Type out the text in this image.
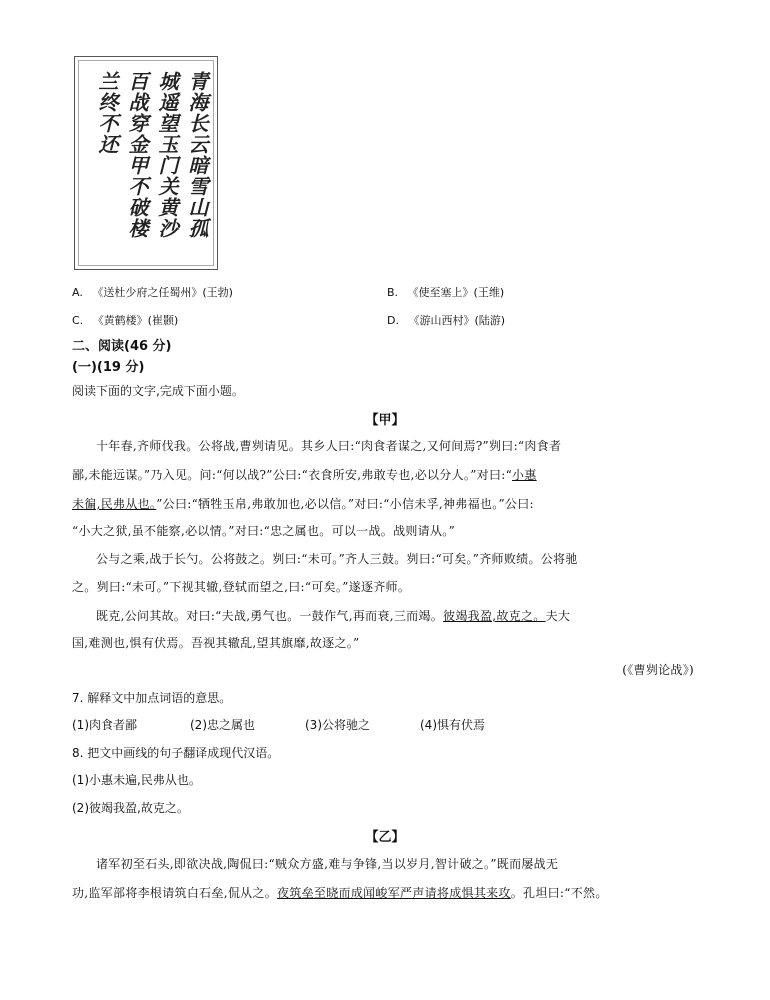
青海长云暗雪山孤
城遥望玉门关黄沙
百战穿金甲不破楼
兰终不还
A. 《送杜少府之任蜀州》(王勃)	B. 《使至塞上》(王维)
C. 《黄鹤楼》(崔颢)	D. 《游山西村》(陆游)
二、阅读(46 分)
(一)(19 分)
阅读下面的文字,完成下面小题。
【甲】
十年春,齐师伐我。公将战,曹刿请见。其乡人曰:“肉食者谋之,又何间焉?”刿曰:“肉食者
鄙,未能远谋。”乃入见。问:“何以战?”公曰:“衣食所安,弗敢专也,必以分人。”对曰:“小惠
未徧,民弗从也。”公曰:“牺牲玉帛,弗敢加也,必以信。”对曰:“小信未孚,神弗福也。”公曰:
“小大之狱,虽不能察,必以情。”对曰:“忠之属也。可以一战。战则请从。”
公与之乘,战于长勺。公将鼓之。刿曰:“未可。”齐人三鼓。刿曰:“可矣。”齐师败绩。公将驰
之。刿曰:“未可。”下视其辙,登轼而望之,曰:“可矣。”遂逐齐师。
既克,公问其故。对曰:“夫战,勇气也。一鼓作气,再而衰,三而竭。彼竭我盈,故克之。夫大
国,难测也,惧有伏焉。吾视其辙乱,望其旗靡,故逐之。”
(《曹刿论战》)
7. 解释文中加点词语的意思。
(1)肉食者鄙	(2)忠之属也	(3)公将驰之	(4)惧有伏焉
8. 把文中画线的句子翻译成现代汉语。
(1)小惠未遍,民弗从也。
(2)彼竭我盈,故克之。
【乙】
诸军初至石头,即欲决战,陶侃曰:“贼众方盛,难与争锋,当以岁月,智计破之。”既而屡战无
功,监军部将李根请筑白石垒,侃从之。夜筑垒至晓而成闻峻军严声请将成惧其来攻。孔坦曰:“不然。
